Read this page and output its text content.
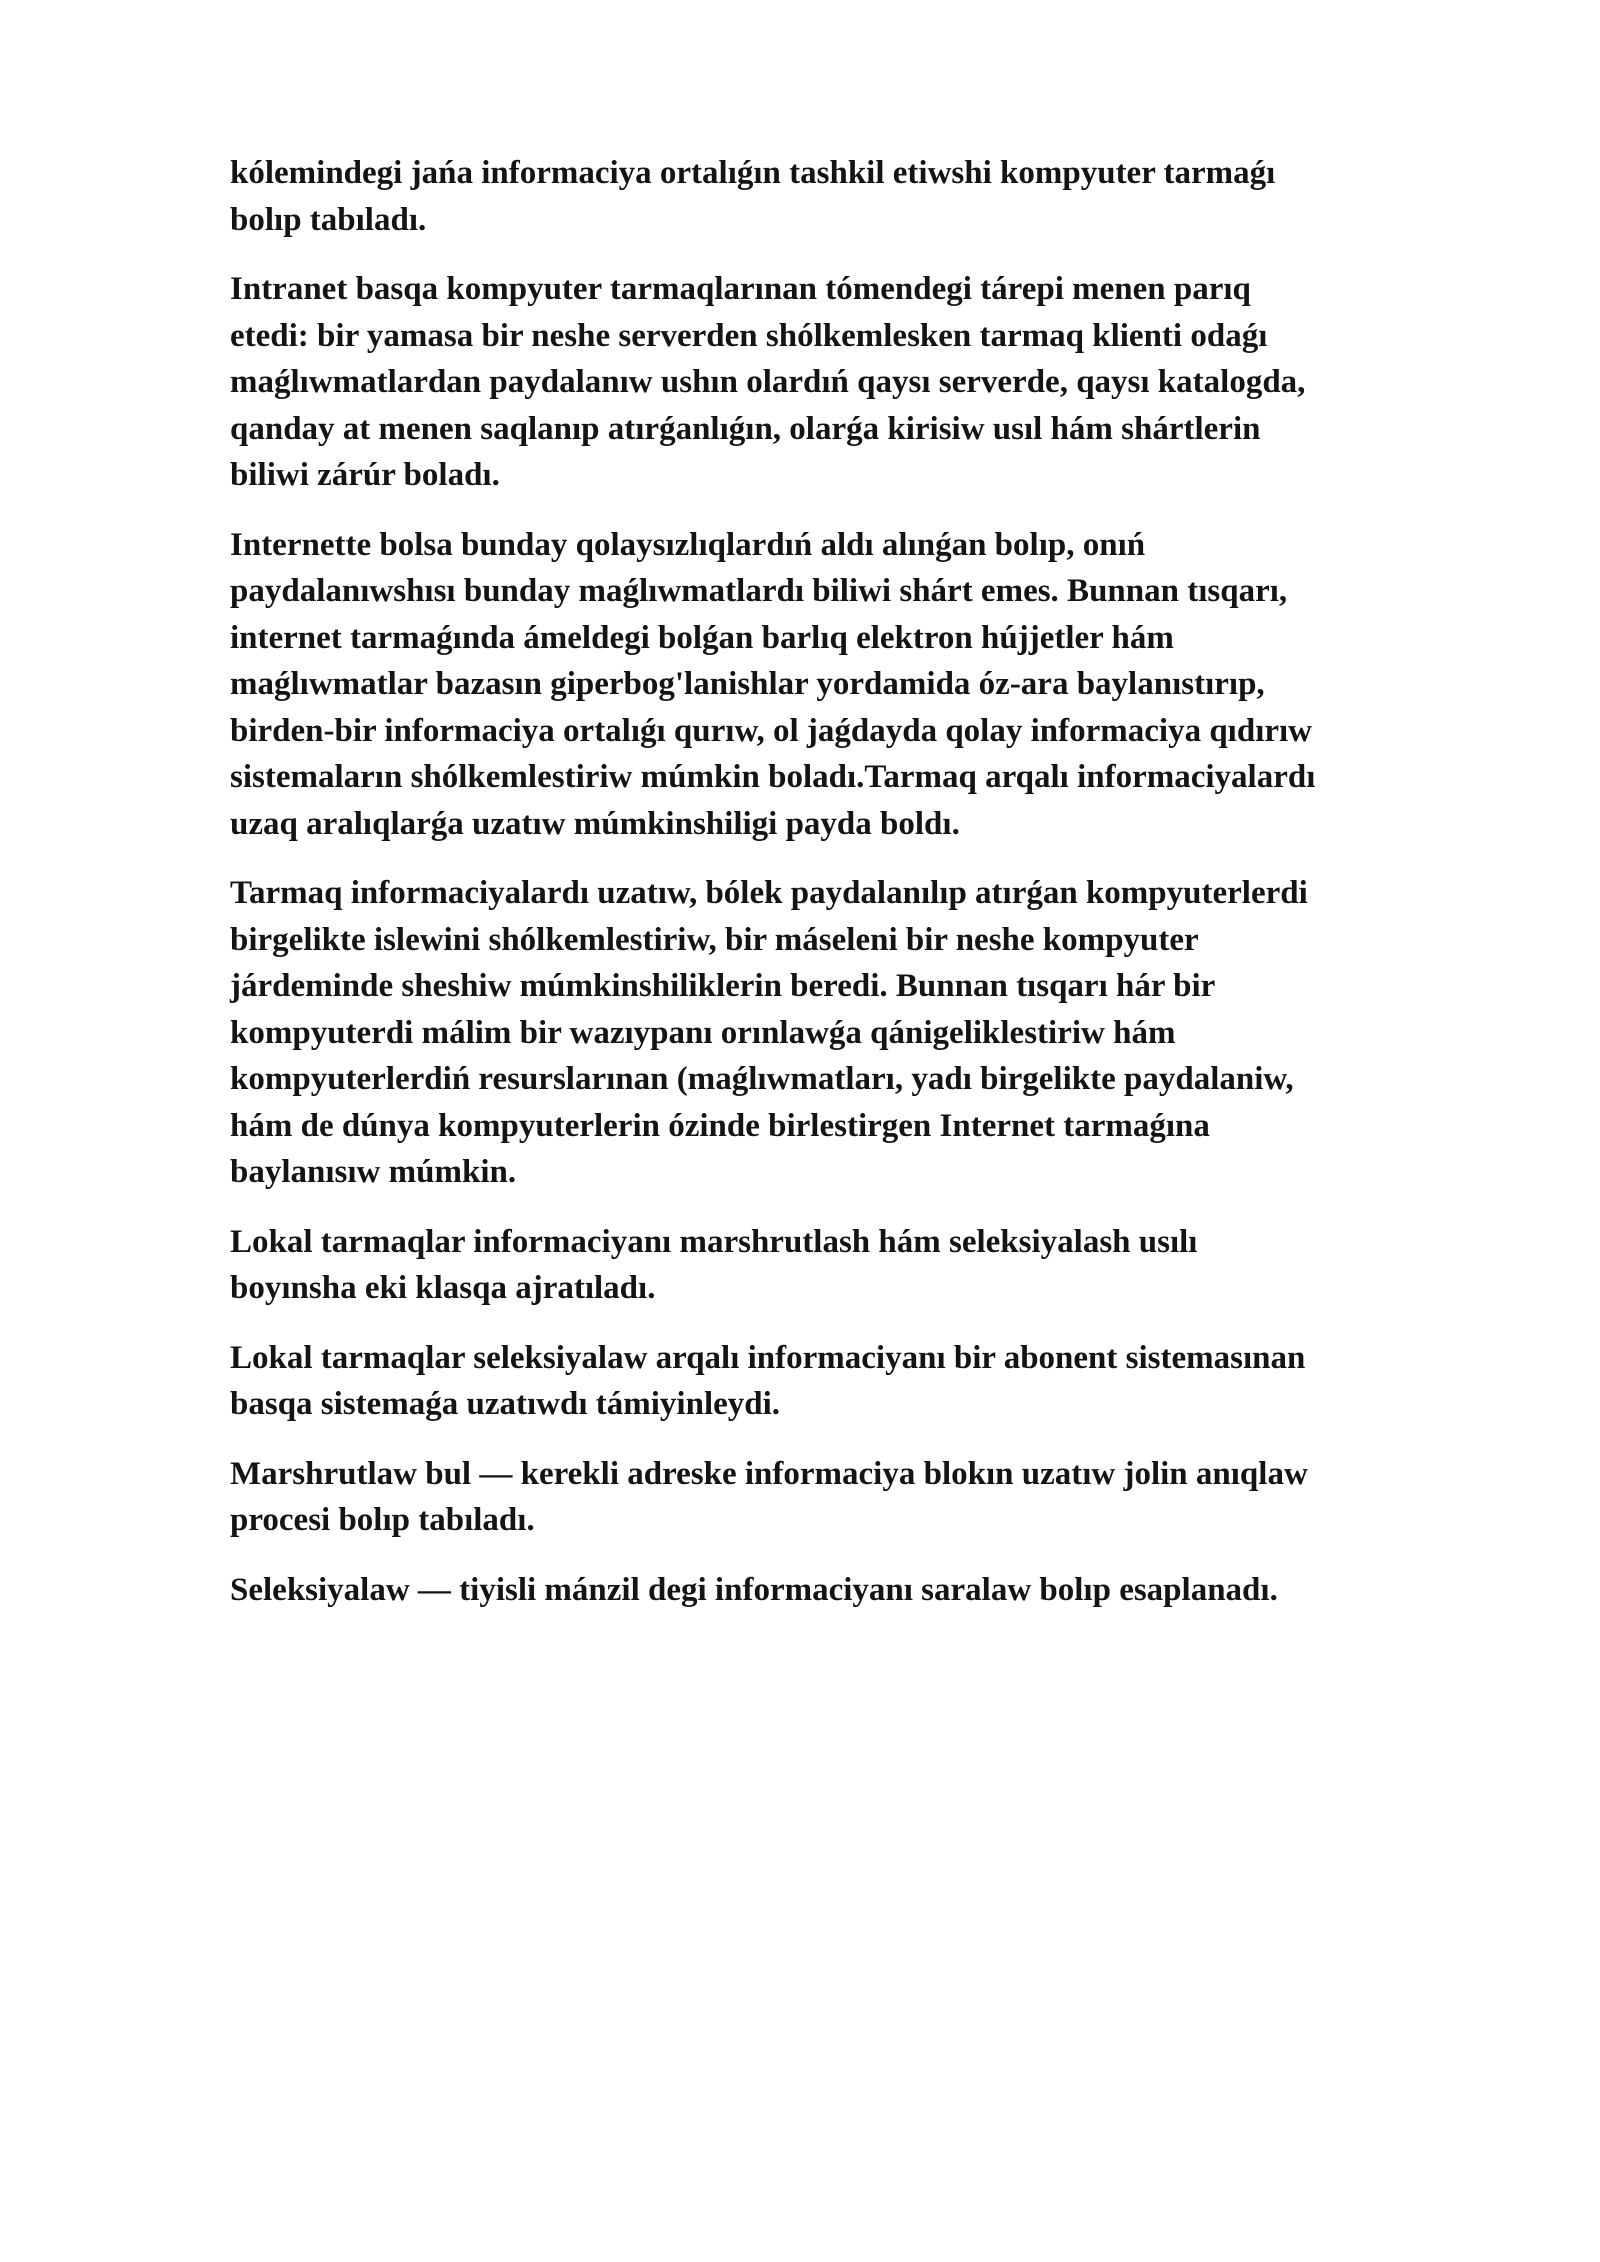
kólemindegi jańa informaciya ortalıǵın tashkil etiwshi kompyuter tarmaǵı
bolıp tabıladı.

Intranet basqa kompyuter tarmaqlarınan tómendegi tárepi menen parıq
etedi: bir yamasa bir neshe serverden shólkemlesken tarmaq klienti odaǵı
maǵlıwmatlardan paydalanıw ushın olardıń qaysı serverde, qaysı katalogda,
qanday at menen saqlanıp atırǵanlıǵın, olarǵa kirisiw usıl hám shártlerin
biliwi zárúr boladı.

Internette bolsa bunday qolaysızlıqlardıń aldı alınǵan bolıp, onıń
paydalanıwshısı bunday maǵlıwmatlardı biliwi shárt emes. Bunnan tısqarı,
internet tarmaǵında ámeldegi bolǵan barlıq elektron hújjetler hám
maǵlıwmatlar bazasın giperbog'lanishlar yordamida óz-ara baylanıstırıp,
birden-bir informaciya ortalıǵı qurıw, ol jaǵdayda qolay informaciya qıdırıw
sistemaların shólkemlestiriw múmkin boladı.Tarmaq arqalı informaciyalardı
uzaq aralıqlarǵa uzatıw múmkinshiligi payda boldı.

Tarmaq informaciyalardı uzatıw, bólek paydalanılıp atırǵan kompyuterlerdi
birgelikte islewini shólkemlestiriw, bir máseleni bir neshe kompyuter
járdeminde sheshiw múmkinshiliklerin beredi. Bunnan tısqarı hár bir
kompyuterdi málim bir wazıypanı orınlawǵa qánigeliklestiriw hám
kompyuterlerdiń resurslarınan (maǵlıwmatları, yadı birgelikte paydalaniw,
hám de dúnya kompyuterlerin ózinde birlestirgen Internet tarmaǵına
baylanısıw múmkin.

Lokal tarmaqlar informaciyanı marshrutlash hám seleksiyalash usılı
boyınsha eki klasqa ajratıladı.

Lokal tarmaqlar seleksiyalaw arqalı informaciyanı bir abonent sistemasınan
basqa sistemaǵa uzatıwdı támiyinleydi.

Marshrutlaw bul — kerekli adreske informaciya blokın uzatıw jolin anıqlaw
procesi bolıp tabıladı.

Seleksiyalaw — tiyisli mánzil degi informaciyanı saralaw bolıp esaplanadı.
